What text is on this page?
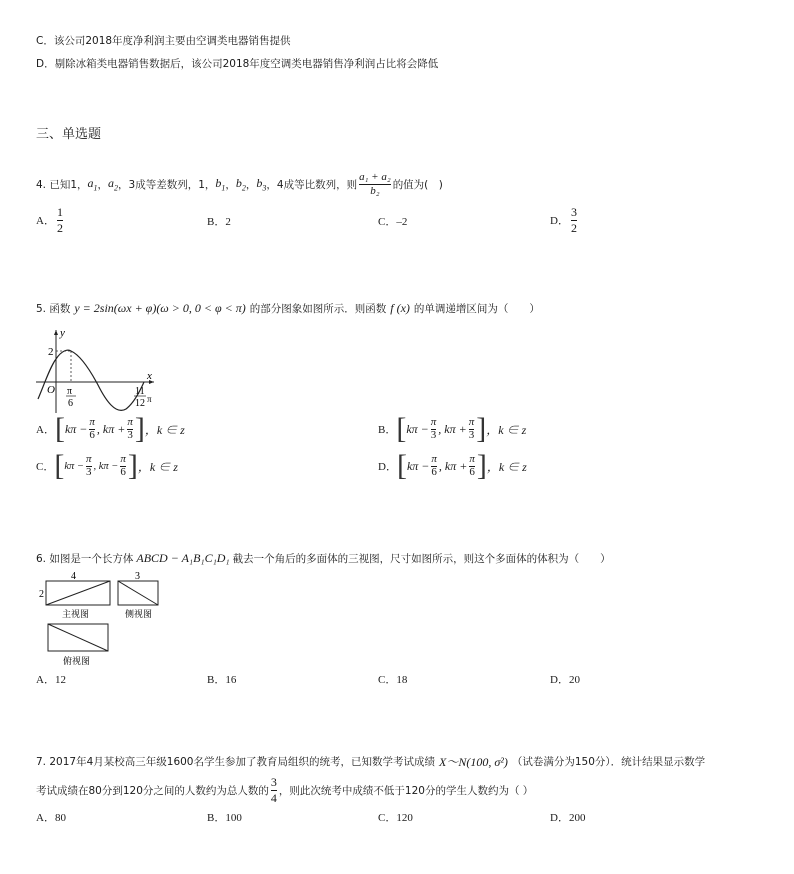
C．该公司2018年度净利润主要由空调类电器销售提供
D．剔除冰箱类电器销售数据后，该公司2018年度空调类电器销售净利润占比将会降低
三、单选题
4. 已知1， $a_1$ ， $a_2$ ，3成等差数列，1， $b_1$ ， $b_2$ ， $b_3$ ，4成等比数列，则 $\frac{\text{a₁ + a₂}}{\text{b₂}}$ 的值为(　)
A． $\frac{1}{2}$	B．2	C．–2	D． $\frac{3}{2}$
5. 函数 y = 2sin(ωx + φ)(ω > 0, 0 < φ < π) 的部分图象如图所示．则函数 f (x) 的单调递增区间为（　　）
y
x
O
2
π
6
11
12 π
A． [ $k\pi - \frac{\pi}{6}$ , $k\pi + \frac{\pi}{3}$ ] ，k ∈ z	B． [ $k\pi - \frac{\pi}{3}$ , $k\pi + \frac{\pi}{3}$ ] ，k ∈ z
C． [ $k\pi - \frac{\pi}{3}$ , $k\pi - \frac{\pi}{6}$ ] ，k ∈ z	D． [ $k\pi - \frac{\pi}{6}$ , $k\pi + \frac{\pi}{6}$ ] ，k ∈ z
6. 如图是一个长方体 ABCD − A₁B₁C₁D₁ 截去一个角后的多面体的三视图，尺寸如图所示，则这个多面体的体积为（　　）
4
2
主视图
3
侧视图
俯视图
A．12	B．16	C．18	D．20
7. 2017年4月某校高三年级1600名学生参加了教育局组织的统考，已知数学考试成绩 X～N(100, σ²) （试卷满分为150分）．统计结果显示数学
考试成绩在80分到120分之间的人数约为总人数的 $\frac{3}{4}$ ，则此次统考中成绩不低于120分的学生人数约为（ ）
A．80	B．100	C．120	D．200
